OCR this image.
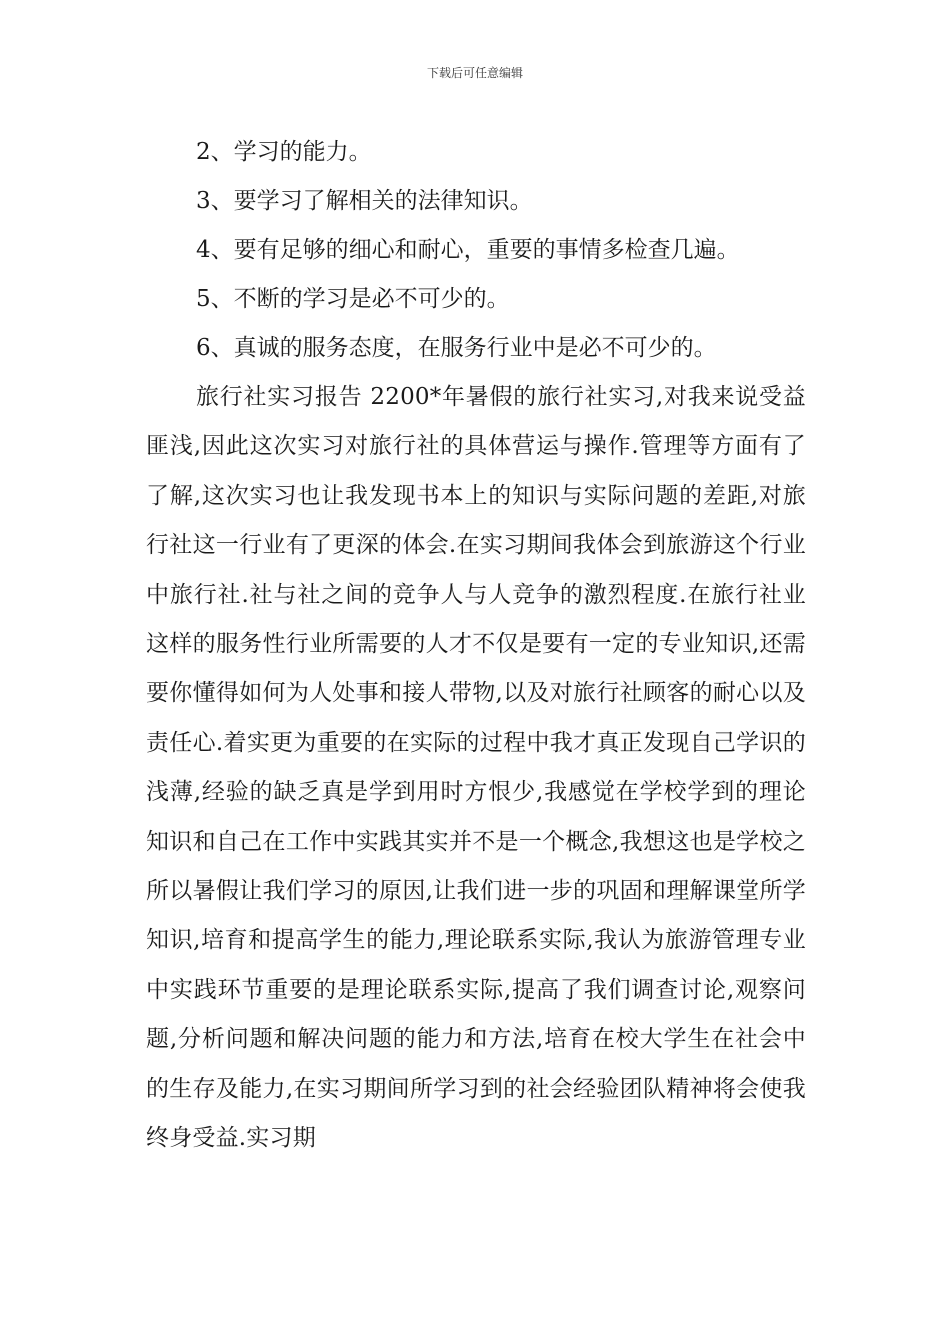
下载后可任意编辑
2、学习的能力。
3、要学习了解相关的法律知识。
4、要有足够的细心和耐心，重要的事情多检查几遍。
5、不断的学习是必不可少的。
6、真诚的服务态度，在服务行业中是必不可少的。

旅行社实习报告 2200*年暑假的旅行社实习,对我来说受益匪浅,因此这次实习对旅行社的具体营运与操作.管理等方面有了了解,这次实习也让我发现书本上的知识与实际问题的差距,对旅行社这一行业有了更深的体会.在实习期间我体会到旅游这个行业中旅行社.社与社之间的竞争人与人竞争的激烈程度.在旅行社业这样的服务性行业所需要的人才不仅是要有一定的专业知识,还需要你懂得如何为人处事和接人带物,以及对旅行社顾客的耐心以及责任心.着实更为重要的在实际的过程中我才真正发现自己学识的浅薄,经验的缺乏真是学到用时方恨少,我感觉在学校学到的理论知识和自己在工作中实践其实并不是一个概念,我想这也是学校之所以暑假让我们学习的原因,让我们进一步的巩固和理解课堂所学知识,培育和提高学生的能力,理论联系实际,我认为旅游管理专业中实践环节重要的是理论联系实际,提高了我们调查讨论,观察问题,分析问题和解决问题的能力和方法,培育在校大学生在社会中的生存及能力,在实习期间所学习到的社会经验团队精神将会使我终身受益.实习期
